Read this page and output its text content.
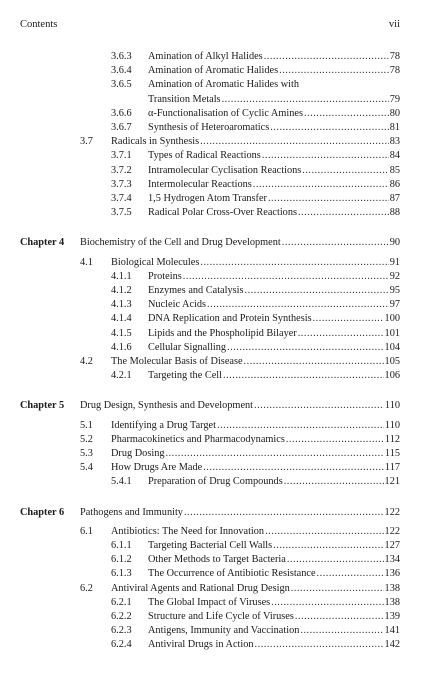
Contents	vii
3.6.3 Amination of Alkyl Halides .....	78
3.6.4 Amination of Aromatic Halides .....	78
3.6.5 Amination of Aromatic Halides with
Transition Metals .....	79
3.6.6 α-Functionalisation of Cyclic Amines .....	80
3.6.7 Synthesis of Heteroaromatics .....	81
3.7 Radicals in Synthesis .....	83
3.7.1 Types of Radical Reactions .....	84
3.7.2 Intramolecular Cyclisation Reactions .....	85
3.7.3 Intermolecular Reactions .....	86
3.7.4 1,5 Hydrogen Atom Transfer .....	87
3.7.5 Radical Polar Cross-Over Reactions .....	88
Chapter 4 Biochemistry of the Cell and Drug Development .....	90
4.1 Biological Molecules .....	91
4.1.1 Proteins .....	92
4.1.2 Enzymes and Catalysis .....	95
4.1.3 Nucleic Acids .....	97
4.1.4 DNA Replication and Protein Synthesis .....	100
4.1.5 Lipids and the Phospholipid Bilayer .....	101
4.1.6 Cellular Signalling .....	104
4.2 The Molecular Basis of Disease .....	105
4.2.1 Targeting the Cell .....	106
Chapter 5 Drug Design, Synthesis and Development .....	110
5.1 Identifying a Drug Target .....	110
5.2 Pharmacokinetics and Pharmacodynamics .....	112
5.3 Drug Dosing .....	115
5.4 How Drugs Are Made .....	117
5.4.1 Preparation of Drug Compounds .....	121
Chapter 6 Pathogens and Immunity .....	122
6.1 Antibiotics: The Need for Innovation .....	122
6.1.1 Targeting Bacterial Cell Walls .....	127
6.1.2 Other Methods to Target Bacteria .....	134
6.1.3 The Occurrence of Antibiotic Resistance .....	136
6.2 Antiviral Agents and Rational Drug Design .....	138
6.2.1 The Global Impact of Viruses .....	138
6.2.2 Structure and Life Cycle of Viruses .....	139
6.2.3 Antigens, Immunity and Vaccination .....	141
6.2.4 Antiviral Drugs in Action .....	142
